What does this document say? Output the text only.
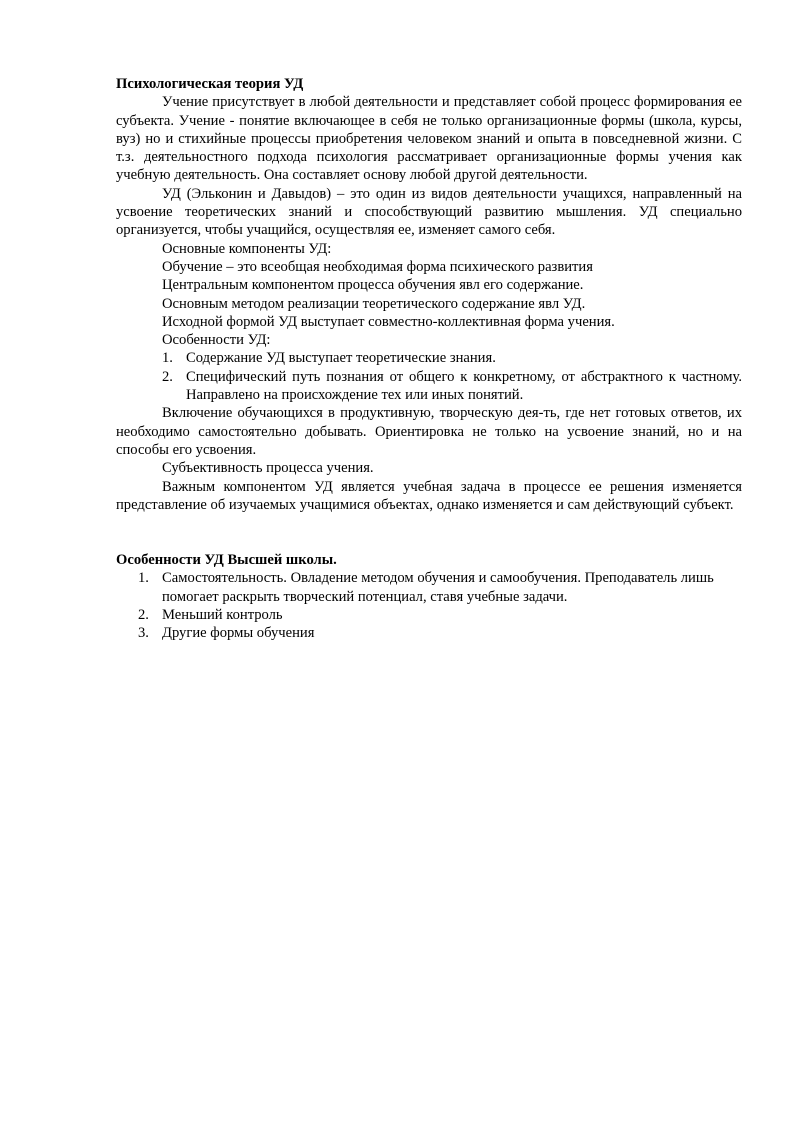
Психологическая теория УД

Учение присутствует в любой деятельности и представляет собой процесс формирования ее субъекта. Учение - понятие включающее в себя не только организационные формы (школа, курсы, вуз) но и стихийные процессы приобретения человеком знаний и опыта в повседневной жизни. С т.з. деятельностного подхода психология рассматривает организационные формы учения как учебную деятельность. Она составляет основу любой другой деятельности.

УД (Эльконин и Давыдов) – это один из видов деятельности учащихся, направленный на усвоение теоретических знаний и способствующий развитию мышления. УД специально организуется, чтобы учащийся, осуществляя ее, изменяет самого себя.

Основные компоненты УД:

Обучение – это всеобщая необходимая форма психического развития

Центральным компонентом процесса обучения явл его содержание.

Основным методом реализации теоретического содержание явл УД.

Исходной формой УД выступает совместно-коллективная форма учения.

Особенности УД:

1. Содержание УД выступает теоретические знания.
2. Специфический путь познания от общего к конкретному, от абстрактного к частному. Направлено на происхождение тех или иных понятий.

Включение обучающихся в продуктивную, творческую дея-ть, где нет готовых ответов, их необходимо самостоятельно добывать. Ориентировка не только на усвоение знаний, но и на способы его усвоения.

Субъективность процесса учения.

Важным компонентом УД является учебная задача в процессе ее решения изменяется представление об изучаемых учащимися объектах, однако изменяется и сам действующий субъект.

Особенности УД Высшей школы.

1. Самостоятельность. Овладение методом обучения и самообучения. Преподаватель лишь помогает раскрыть творческий потенциал, ставя учебные задачи.
2. Меньший контроль
3. Другие формы обучения
